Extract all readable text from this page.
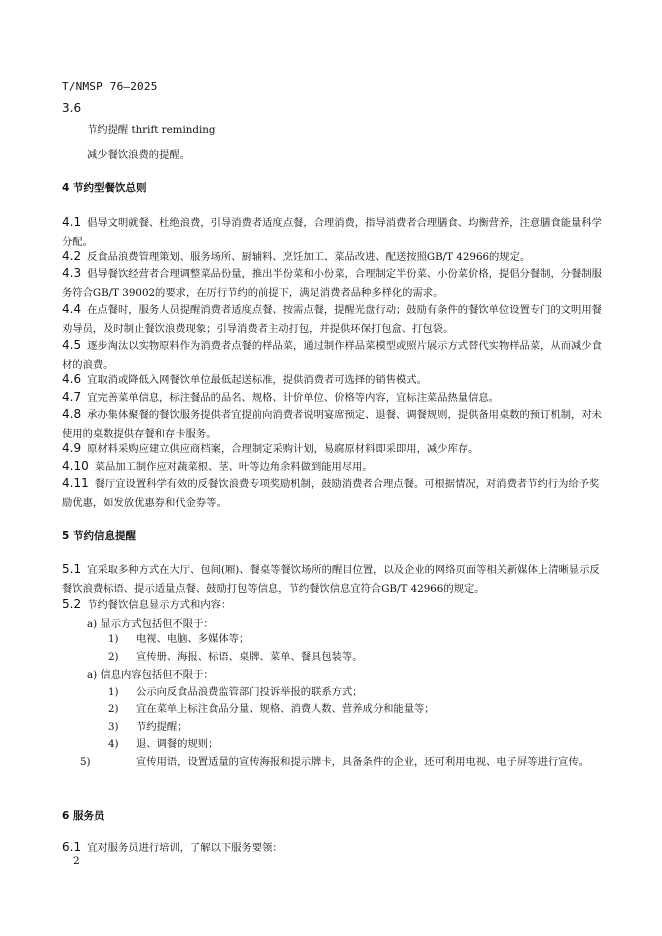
T/NMSP 76—2025
3.6
节约提醒 thrift reminding
减少餐饮浪费的提醒。
4 节约型餐饮总则
4.1 倡导文明就餐、杜绝浪费，引导消费者适度点餐，合理消费，指导消费者合理膳食、均衡营养，注意膳食能量科学分配。
4.2 反食品浪费管理策划、服务场所、厨辅料、烹饪加工、菜品改进、配送按照GB/T 42966的规定。
4.3 倡导餐饮经营者合理调整菜品份量，推出半份菜和小份菜，合理制定半份菜、小份菜价格，提倡分餐制，分餐制服务符合GB/T 39002的要求，在厉行节约的前提下，满足消费者品种多样化的需求。
4.4 在点餐时，服务人员提醒消费者适度点餐、按需点餐，提醒光盘行动；鼓励有条件的餐饮单位设置专门的文明用餐劝导员，及时制止餐饮浪费现象；引导消费者主动打包，并提供环保打包盒、打包袋。
4.5 逐步淘汰以实物原料作为消费者点餐的样品菜，通过制作样品菜模型或照片展示方式替代实物样品菜，从而减少食材的浪费。
4.6 宜取消或降低入网餐饮单位最低起送标准，提供消费者可选择的销售模式。
4.7 宜完善菜单信息，标注餐品的品名、规格、计价单位、价格等内容，宜标注菜品热量信息。
4.8 承办集体聚餐的餐饮服务提供者宜提前向消费者说明宴席预定、退餐、调餐规则，提供备用桌数的预订机制，对未使用的桌数提供存餐和存卡服务。
4.9 原材料采购应建立供应商档案，合理制定采购计划，易腐原材料即采即用，减少库存。
4.10 菜品加工制作应对蔬菜根、茎、叶等边角余料做到能用尽用。
4.11 餐厅宜设置科学有效的反餐饮浪费专项奖励机制，鼓励消费者合理点餐。可根据情况，对消费者节约行为给予奖励优惠，如发放优惠券和代金券等。
5 节约信息提醒
5.1 宜采取多种方式在大厅、包间(厢)、餐桌等餐饮场所的醒目位置，以及企业的网络页面等相关新媒体上清晰显示反餐饮浪费标语、提示适量点餐、鼓励打包等信息，节约餐饮信息宜符合GB/T 42966的规定。
5.2 节约餐饮信息显示方式和内容：
a) 显示方式包括但不限于：
1) 电视、电脑、多媒体等；
2) 宣传册、海报、标语、桌牌、菜单、餐具包装等。
a) 信息内容包括但不限于：
1) 公示向反食品浪费监管部门投诉举报的联系方式；
2) 宜在菜单上标注食品分量、规格、消费人数、营养成分和能量等；
3) 节约提醒；
4) 退、调餐的规则；
5)	宣传用语，设置适量的宣传海报和提示牌卡，具备条件的企业，还可利用电视、电子屏等进行宣传。
6 服务员
6.1 宜对服务员进行培训，了解以下服务要领：
2
